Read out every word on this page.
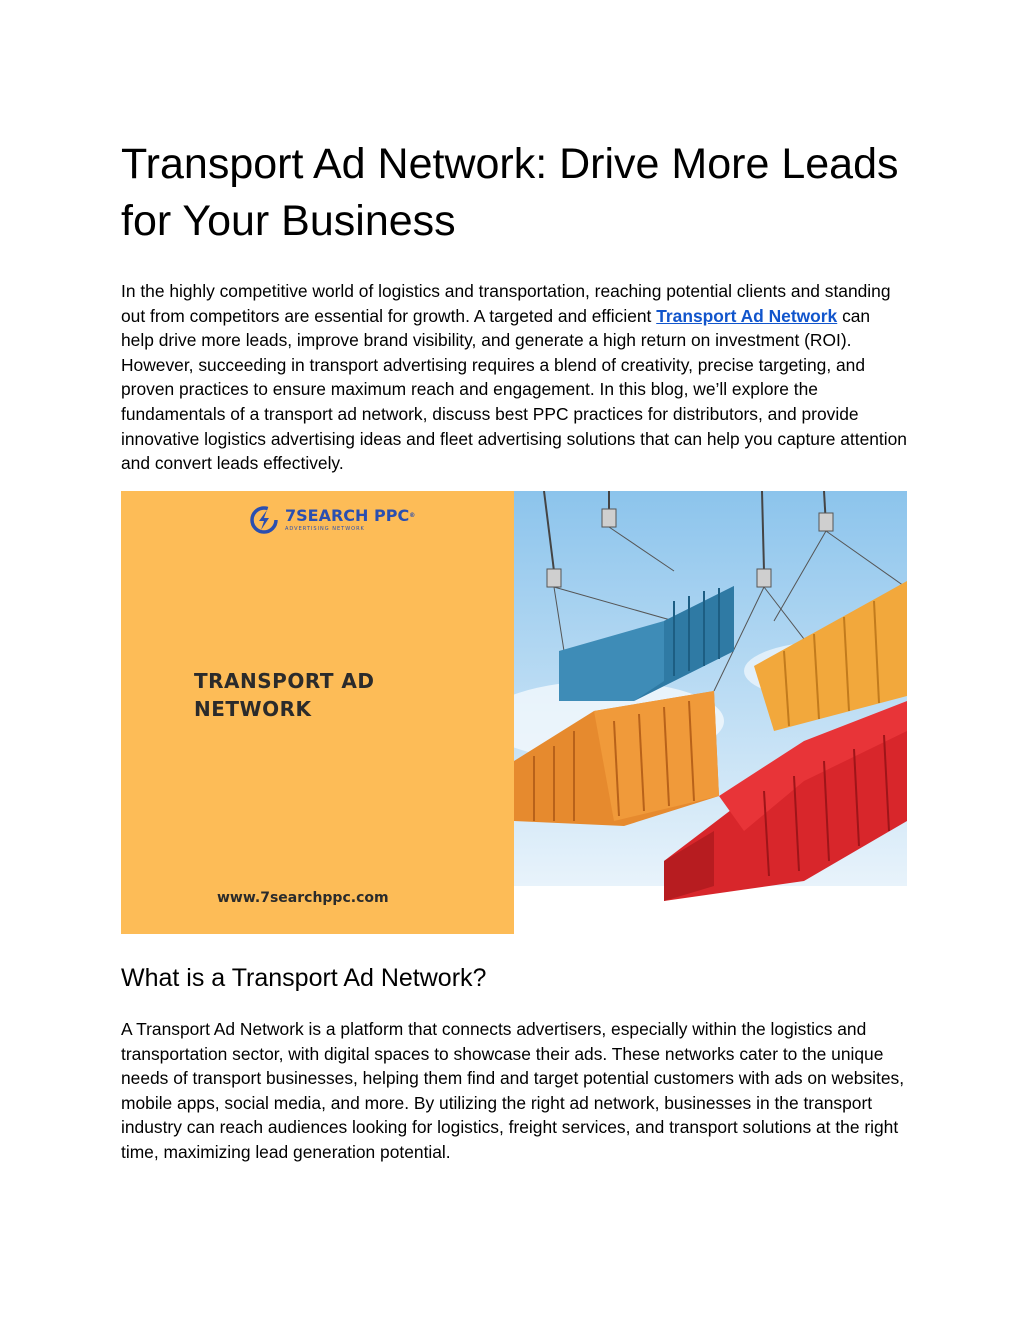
Transport Ad Network: Drive More Leads for Your Business

In the highly competitive world of logistics and transportation, reaching potential clients and standing out from competitors are essential for growth. A targeted and efficient Transport Ad Network can help drive more leads, improve brand visibility, and generate a high return on investment (ROI). However, succeeding in transport advertising requires a blend of creativity, precise targeting, and proven practices to ensure maximum reach and engagement. In this blog, we’ll explore the fundamentals of a transport ad network, discuss best PPC practices for distributors, and provide innovative logistics advertising ideas and fleet advertising solutions that can help you capture attention and convert leads effectively.

7SEARCH PPC®
ADVERTISING NETWORK
TRANSPORT AD NETWORK
www.7searchppc.com
What is a Transport Ad Network?

A Transport Ad Network is a platform that connects advertisers, especially within the logistics and transportation sector, with digital spaces to showcase their ads. These networks cater to the unique needs of transport businesses, helping them find and target potential customers with ads on websites, mobile apps, social media, and more. By utilizing the right ad network, businesses in the transport industry can reach audiences looking for logistics, freight services, and transport solutions at the right time, maximizing lead generation potential.
